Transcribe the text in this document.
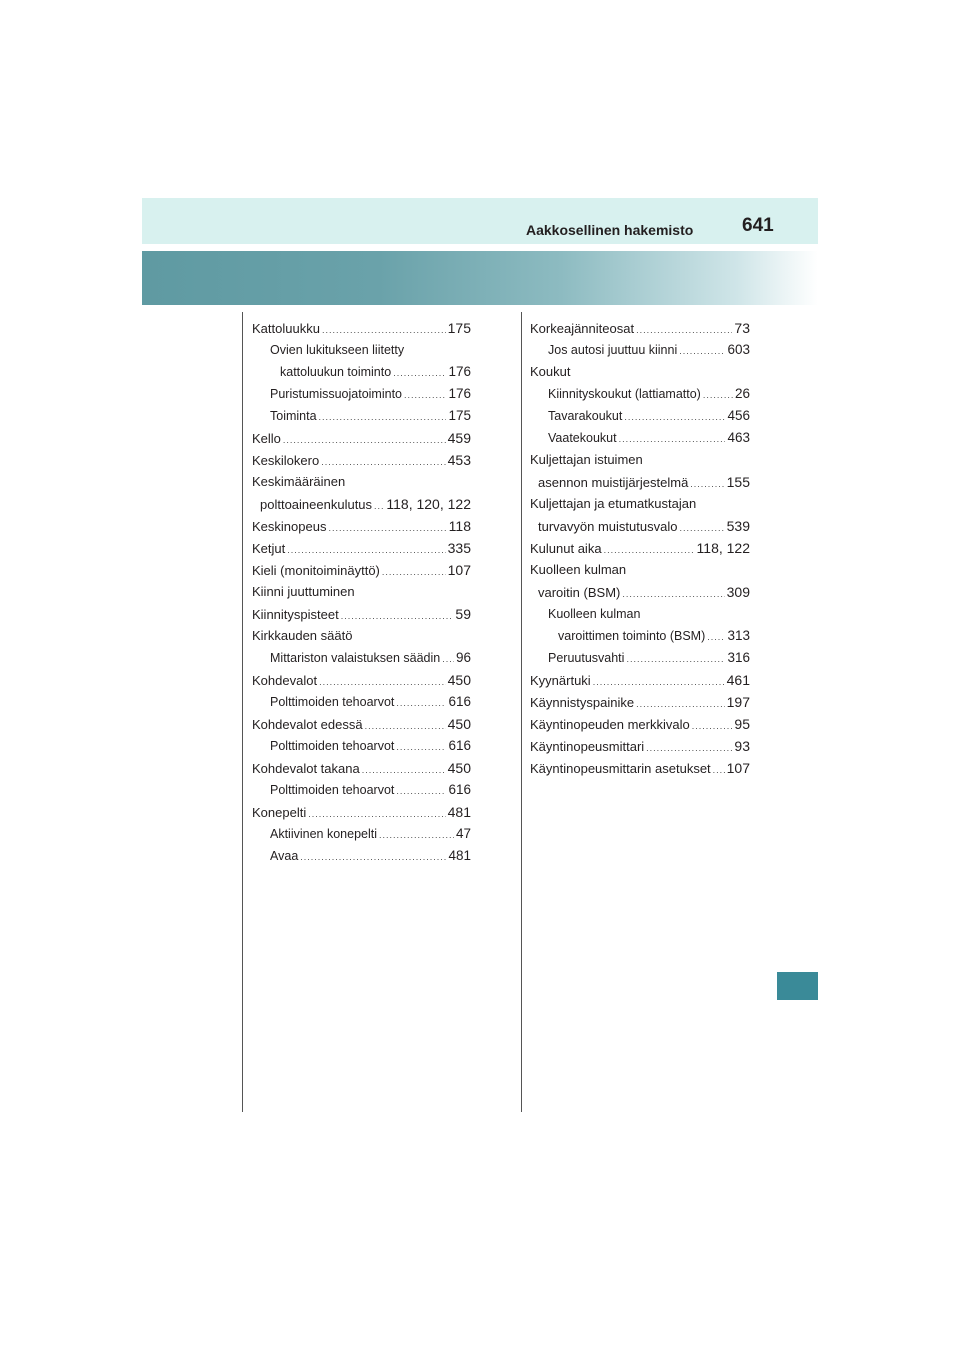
Aakkosellinen hakemisto	641
Kattoluukku .....	175
Ovien lukitukseen liitetty
kattoluukun toiminto .....	176
Puristumissuojatoiminto .....	176
Toiminta .....	175
Kello .....	459
Keskilokero .....	453
Keskimääräinen
polttoaineenkulutus ..... 118, 120, 122
Keskinopeus .....	118
Ketjut .....	335
Kieli (monitoiminäyttö) .....	107
Kiinni juuttuminen
Kiinnityspisteet .....	59
Kirkkauden säätö
Mittariston valaistuksen säädin ..... 96
Kohdevalot .....	450
Polttimoiden tehoarvot .....	616
Kohdevalot edessä .....	450
Polttimoiden tehoarvot .....	616
Kohdevalot takana .....	450
Polttimoiden tehoarvot .....	616
Konepelti .....	481
Aktiivinen konepelti .....	47
Avaa .....	481
Korkeajänniteosat .....	73
Jos autosi juuttuu kiinni .....	603
Koukut
Kiinnityskoukut (lattiamatto) .....	26
Tavarakoukut .....	456
Vaatekoukut .....	463
Kuljettajan istuimen
asennon muistijärjestelmä .....	155
Kuljettajan ja etumatkustajan
turvavyön muistutusvalo .....	539
Kulunut aika .....	118, 122
Kuolleen kulman
varoitin (BSM) .....	309
Kuolleen kulman
varoittimen toiminto (BSM) ..... 313
Peruutusvahti .....	316
Kyynärtuki .....	461
Käynnistyspainike .....	197
Käyntinopeuden merkkivalo .....	95
Käyntinopeusmittari .....	93
Käyntinopeusmittarin asetukset ..... 107
